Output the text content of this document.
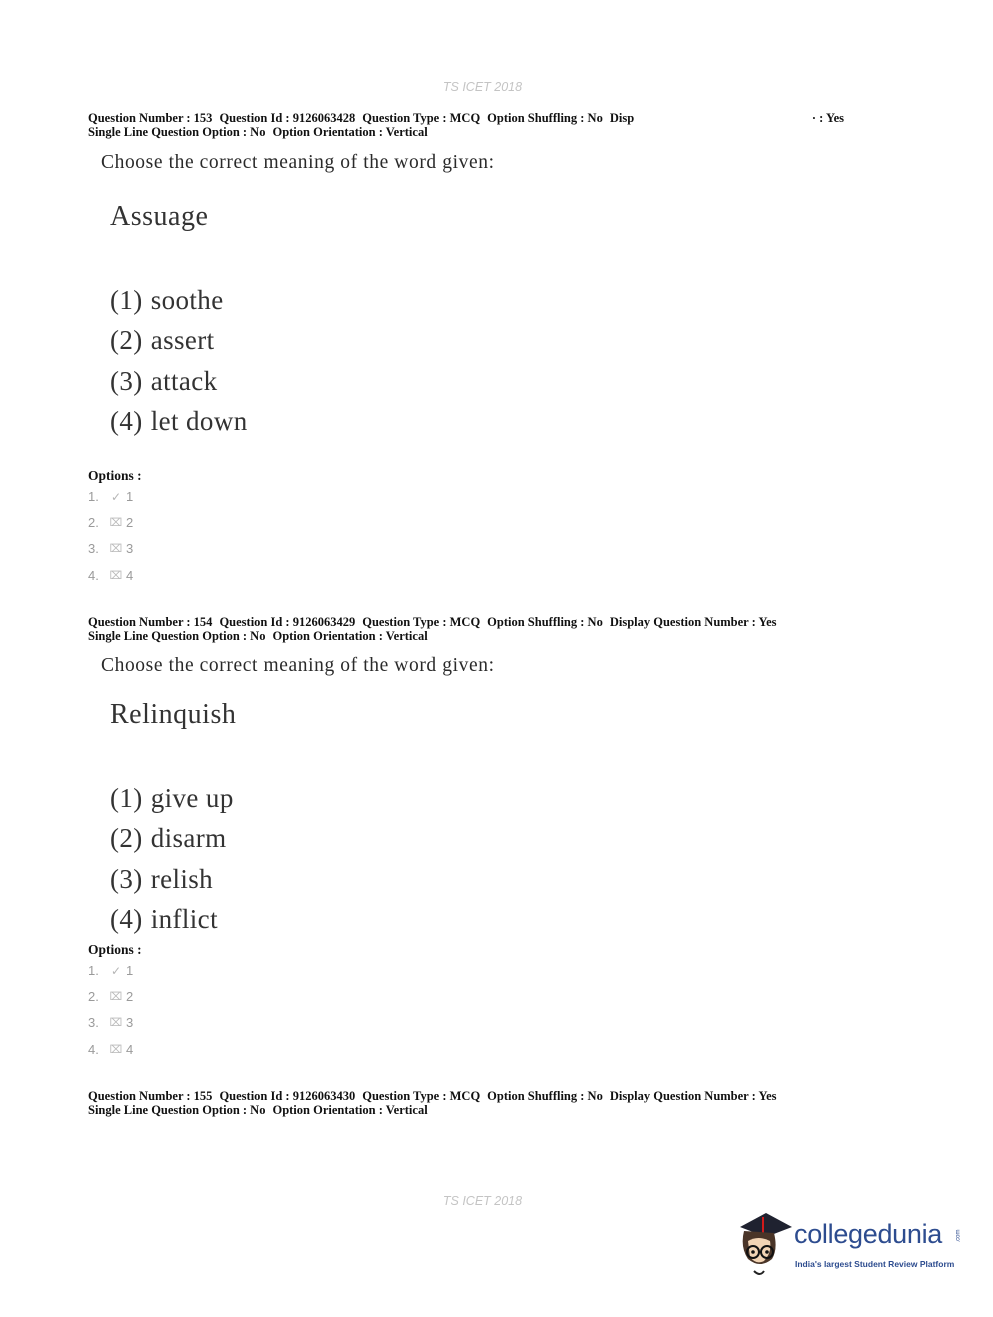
TS ICET 2018
TS ICET 2018
Question Number : 153 Question Id : 9126063428 Question Type : MCQ Option Shuffling : No Disp	· : Yes
Single Line Question Option : No Option Orientation : Vertical
Choose the correct meaning of the word given:
Assuage
(1) soothe
(2) assert
(3) attack
(4) let down
Options :
1.	✓ 1
2. ⌧ 2
3. ⌧ 3
4. ⌧ 4
Question Number : 154 Question Id : 9126063429 Question Type : MCQ Option Shuffling : No Display Question Number : Yes
Single Line Question Option : No Option Orientation : Vertical
Choose the correct meaning of the word given:
Relinquish
(1) give up
(2) disarm
(3) relish
(4) inflict
Options :
1.	✓ 1
2. ⌧ 2
3. ⌧ 3
4. ⌧ 4
Question Number : 155 Question Id : 9126063430 Question Type : MCQ Option Shuffling : No Display Question Number : Yes
Single Line Question Option : No Option Orientation : Vertical
collegedunia .com
India's largest Student Review Platform
